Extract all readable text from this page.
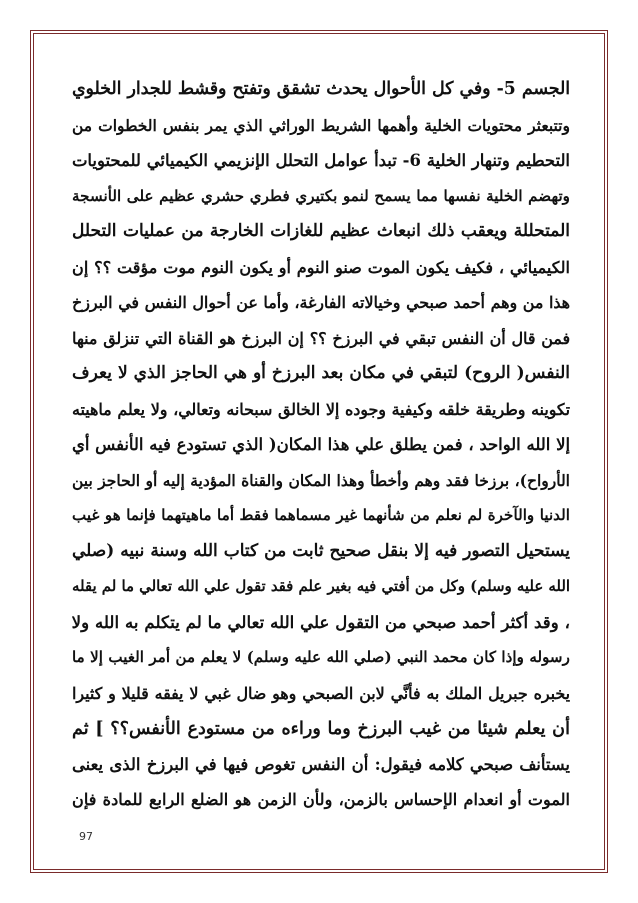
الجسم 5- وفي كل الأحوال يحدث تشقق وتفتح وقشط للجدار الخلوي
وتتبعثر محتويات الخلية وأهمها الشريط الوراثي الذي يمر بنفس الخطوات من
التحطيم وتنهار الخلية 6- تبدأ عوامل التحلل الإنزيمي الكيميائي للمحتويات
وتهضم الخلية نفسها مما يسمح لنمو بكتيري فطري حشري عظيم على الأنسجة
المتحللة ويعقب ذلك انبعاث عظيم للغازات الخارجة من عمليات التحلل
الكيميائي ، فكيف يكون الموت صنو النوم أو يكون النوم موت مؤقت ؟؟ إن
هذا من وهم أحمد صبحي وخيالاته الفارغة، وأما عن أحوال النفس في البرزخ
فمن قال أن النفس تبقي في البرزخ ؟؟ إن البرزخ هو القناة التي تنزلق منها
النفس( الروح) لتبقي في مكان بعد البرزخ أو هي الحاجز الذي لا يعرف
تكوينه وطريقة خلقه وكيفية وجوده إلا الخالق سبحانه وتعالي، ولا يعلم ماهيته
إلا الله الواحد ، فمن يطلق علي هذا المكان( الذي تستودع فيه الأنفس أي
الأرواح)، برزخا فقد وهم وأخطأ وهذا المكان والقناة المؤدية إليه أو الحاجز بين
الدنيا والآخرة لم نعلم من شأنهما غير مسماهما فقط أما ماهيتهما فإنما هو غيب
يستحيل التصور فيه إلا بنقل صحيح ثابت من كتاب الله وسنة نبيه (صلي
الله عليه وسلم) وكل من أفتي فيه بغير علم فقد تقول علي الله تعالي ما لم يقله
، وقد أكثر أحمد صبحي من التقول علي الله تعالي ما لم يتكلم به الله ولا
رسوله وإذا كان محمد النبي (صلي الله عليه وسلم) لا يعلم من أمر الغيب إلا ما
يخبره جبريل الملك به فأنَّي لابن الصبحي وهو ضال غبي لا يفقه قليلا و كثيرا
أن يعلم شيئا من غيب البرزخ وما وراءه من مستودع الأنفس؟؟ ] ثم
يستأنف صبحي كلامه فيقول: أن النفس تغوص فيها في البرزخ الذى يعنى
الموت أو انعدام الإحساس بالزمن، ولأن الزمن هو الضلع الرابع للمادة فإن
97
